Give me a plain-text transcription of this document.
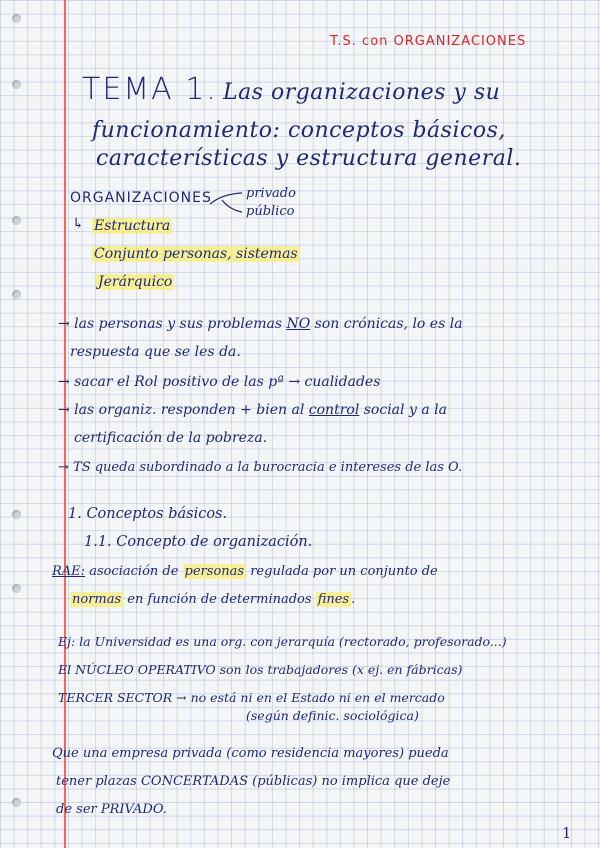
T.S. con ORGANIZACIONES
TEMA 1. Las organizaciones y su
funcionamiento: conceptos básicos,
características y estructura general.
ORGANIZACIONES	privado
público
↳ Estructura
Conjunto personas, sistemas
Jerárquico
→ las personas y sus problemas NO son crónicas, lo es la
respuesta que se les da.
→ sacar el Rol positivo de las pª → cualidades
→ las organiz. responden + bien al control social y a la
certificación de la pobreza.
→ TS queda subordinado a la burocracia e intereses de las O.
1. Conceptos básicos.
1.1. Concepto de organización.
RAE: asociación de personas regulada por un conjunto de
normas en función de determinados fines .
Ej: la Universidad es una org. con jerarquía (rectorado, profesorado...)
El NÚCLEO OPERATIVO son los trabajadores (x ej. en fábricas)
TERCER SECTOR → no está ni en el Estado ni en el mercado
(según definic. sociológica)
Que una empresa privada (como residencia mayores) pueda
tener plazas CONCERTADAS (públicas) no implica que deje
de ser PRIVADO.
1
